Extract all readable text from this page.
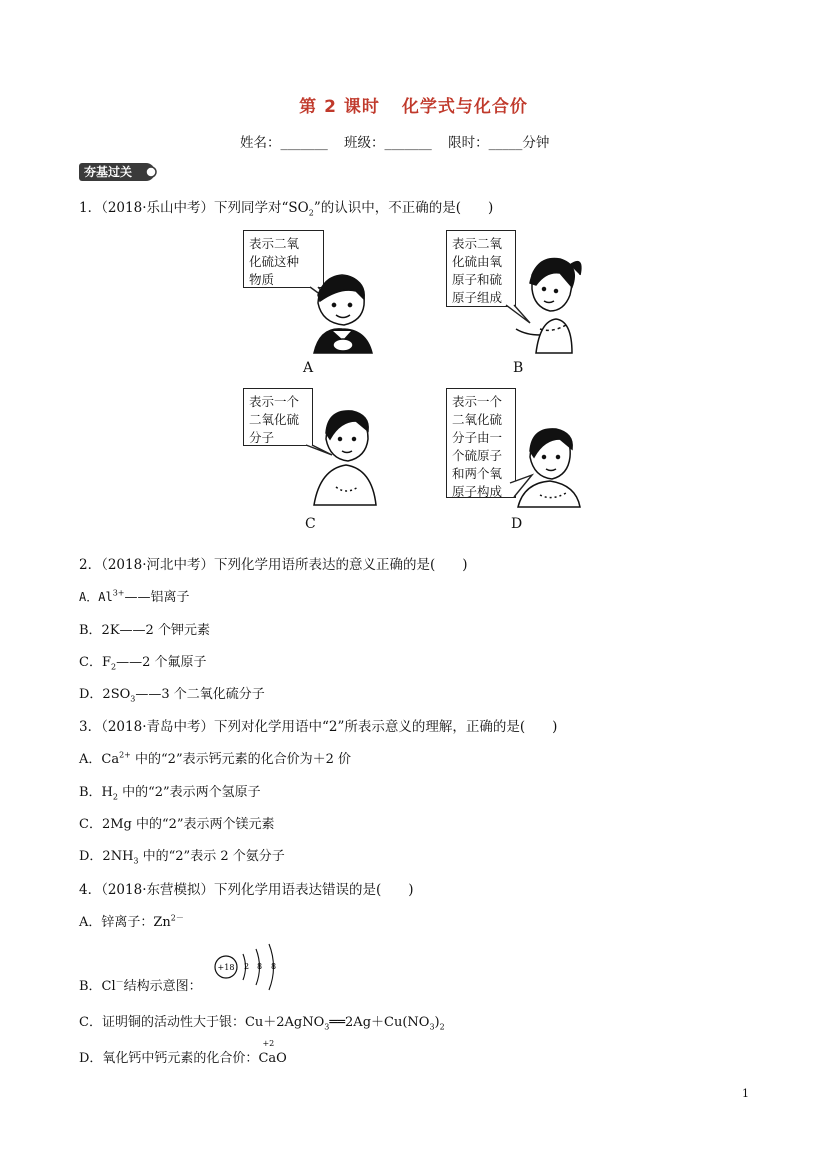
第 2 课时 化学式与化合价
姓名：_______ 班级：_______ 限时：_____分钟
夯基过关
1．（2018·乐山中考）下列同学对“$SO_2$”的认识中，不正确的是(　　)
表示二氧
化硫这种
物质
表示二氧
化硫由氧
原子和硫
原子组成
表示一个
二氧化硫
分子
表示一个
二氧化硫
分子由一
个硫原子
和两个氧
原子构成
A	B
C	D
2．（2018·河北中考）下列化学用语所表达的意义正确的是(　　)
A．$Al^{3+}——$铝离子
B．2K——2 个钾元素
C．$F_2——2$ 个氟原子
D．$2SO_3——3$ 个二氧化硫分子
3．（2018·青岛中考）下列对化学用语中“2”所表示意义的理解，正确的是(　　)
A．$Ca^{2+}$ 中的“2”表示钙元素的化合价为＋2 价
B．$H_2$ 中的“2”表示两个氢原子
C．2Mg 中的“2”表示两个镁元素
D．$2NH_3$ 中的“2”表示 2 个氨分子
4．（2018·东营模拟）下列化学用语表达错误的是(　　)
A．锌离子：$Zn^{2-}$
B．Cl－结构示意图：
+18 2 8 8
C．证明铜的活动性大于银：$Cu+2AgNO_3══2Ag+Cu(NO_3)_2$
D．氧化钙中钙元素的化合价：
+2
CaO
1
